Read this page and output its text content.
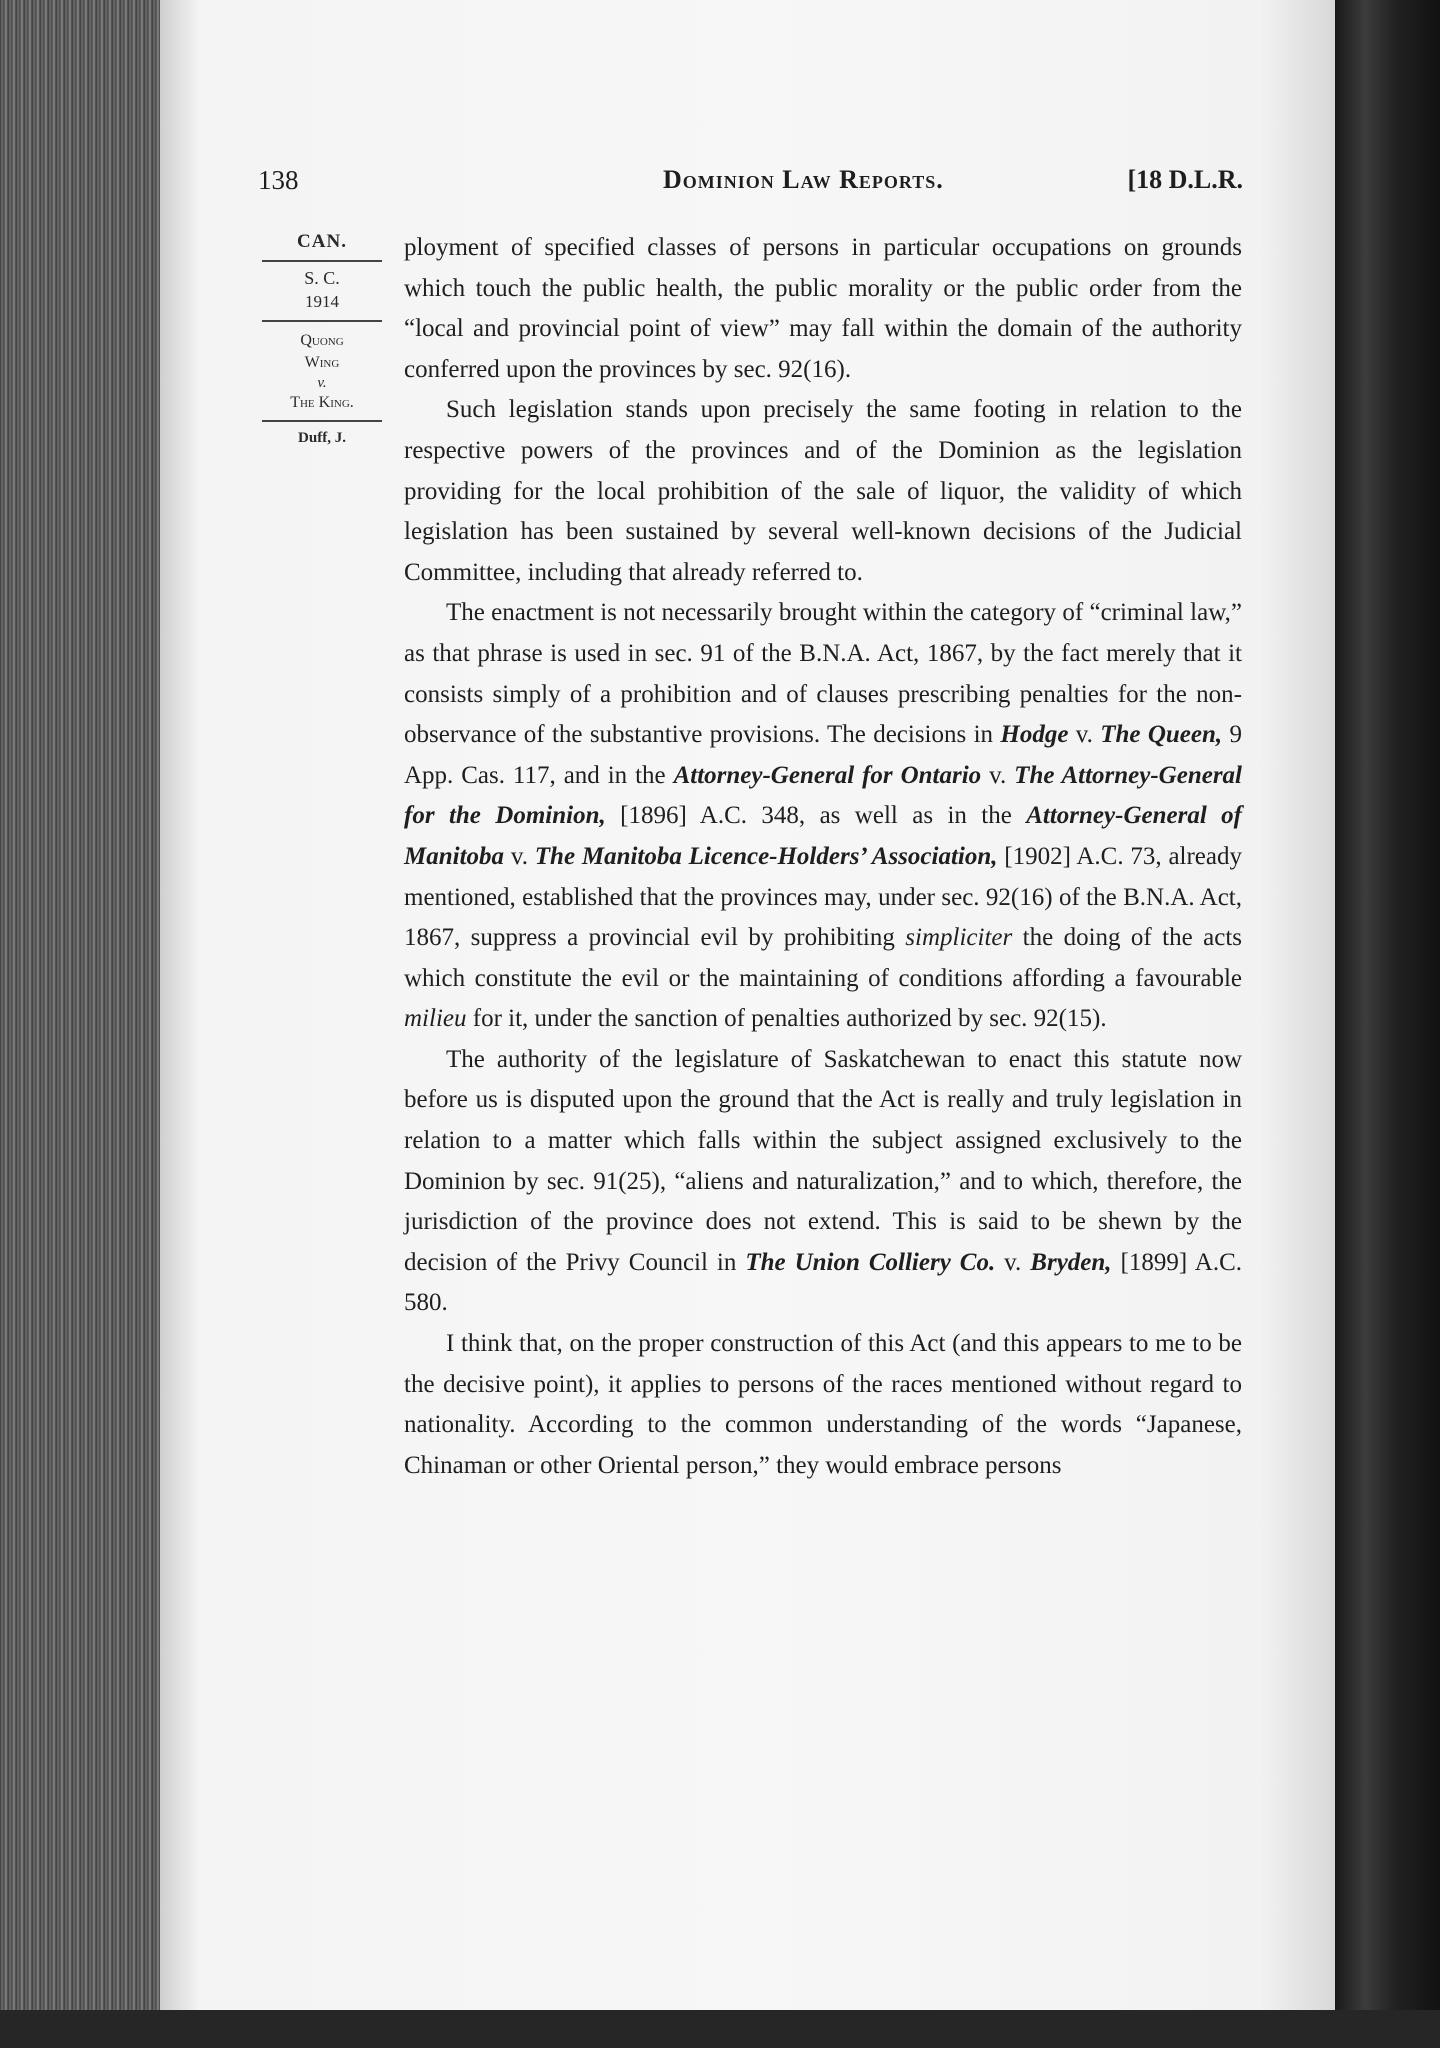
138	Dominion Law Reports.	[18 D.L.R.
CAN.
S. C.
1914
Quong
Wing
v.
The King.
Duff, J.

ployment of specified classes of persons in particular occupations on grounds which touch the public health, the public morality or the public order from the “local and provincial point of view” may fall within the domain of the authority conferred upon the provinces by sec. 92(16).

Such legislation stands upon precisely the same footing in relation to the respective powers of the provinces and of the Dominion as the legislation providing for the local prohibition of the sale of liquor, the validity of which legislation has been sustained by several well-known decisions of the Judicial Committee, including that already referred to.

The enactment is not necessarily brought within the category of “criminal law,” as that phrase is used in sec. 91 of the B.N.A. Act, 1867, by the fact merely that it consists simply of a prohibition and of clauses prescribing penalties for the non-observance of the substantive provisions. The decisions in Hodge v. The Queen, 9 App. Cas. 117, and in the Attorney-General for Ontario v. The Attorney-General for the Dominion, [1896] A.C. 348, as well as in the Attorney-General of Manitoba v. The Manitoba Licence-Holders’ Association, [1902] A.C. 73, already mentioned, established that the provinces may, under sec. 92(16) of the B.N.A. Act, 1867, suppress a provincial evil by prohibiting simpliciter the doing of the acts which constitute the evil or the maintaining of conditions affording a favourable milieu for it, under the sanction of penalties authorized by sec. 92(15).

The authority of the legislature of Saskatchewan to enact this statute now before us is disputed upon the ground that the Act is really and truly legislation in relation to a matter which falls within the subject assigned exclusively to the Dominion by sec. 91(25), “aliens and naturalization,” and to which, therefore, the jurisdiction of the province does not extend. This is said to be shewn by the decision of the Privy Council in The Union Colliery Co. v. Bryden, [1899] A.C. 580.

I think that, on the proper construction of this Act (and this appears to me to be the decisive point), it applies to persons of the races mentioned without regard to nationality. According to the common understanding of the words “Japanese, Chinaman or other Oriental person,” they would embrace persons
